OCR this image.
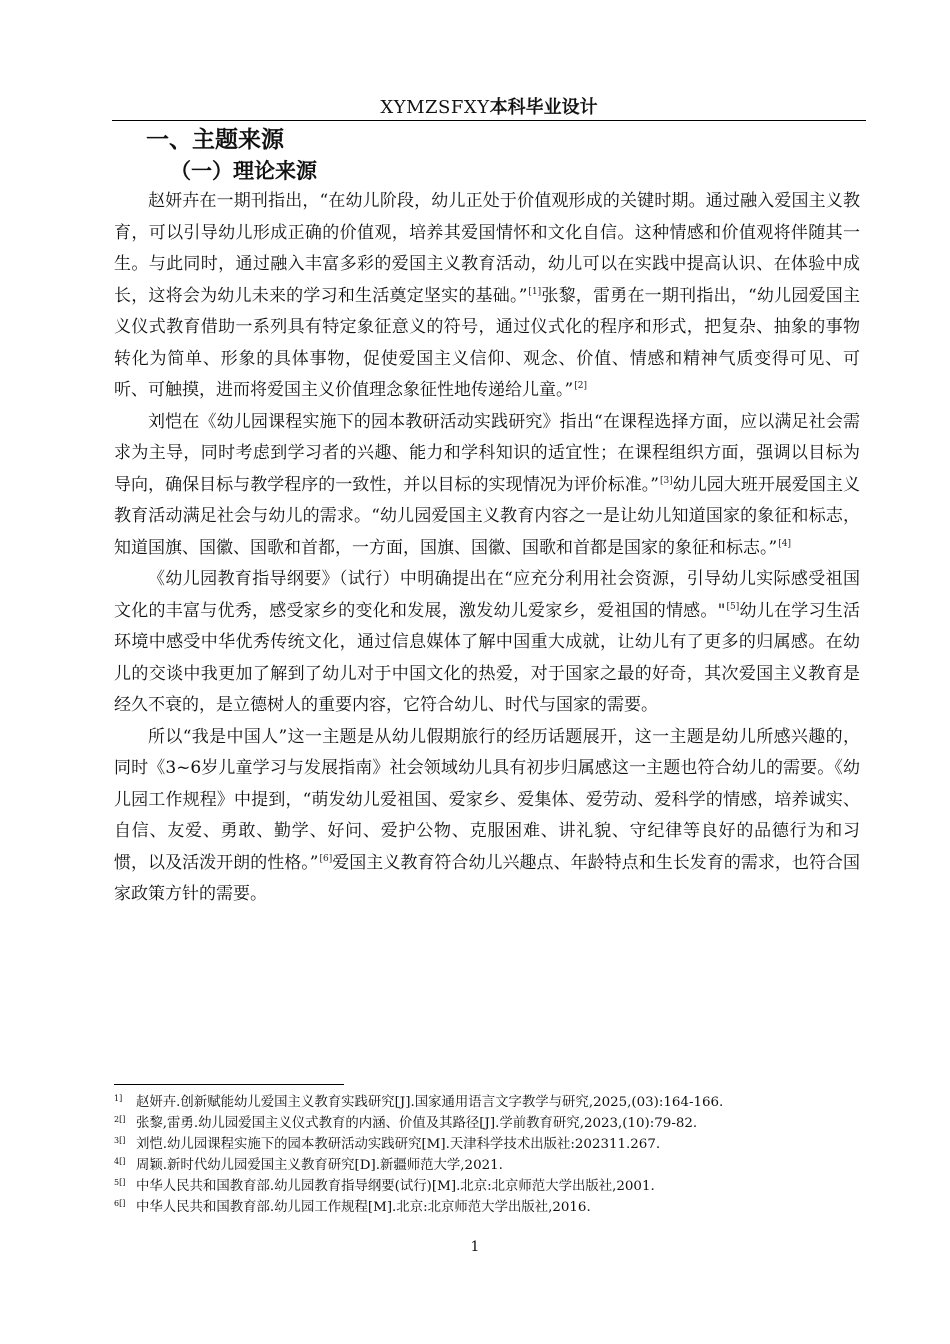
XYMZSFXY本科毕业设计
一、主题来源
（一）理论来源

赵妍卉在一期刊指出，“在幼儿阶段，幼儿正处于价值观形成的关键时期。通过融入爱国主义教育，可以引导幼儿形成正确的价值观，培养其爱国情怀和文化自信。这种情感和价值观将伴随其一生。与此同时，通过融入丰富多彩的爱国主义教育活动，幼儿可以在实践中提高认识、在体验中成长，这将会为幼儿未来的学习和生活奠定坚实的基础。”[1]张黎，雷勇在一期刊指出，“幼儿园爱国主义仪式教育借助一系列具有特定象征意义的符号，通过仪式化的程序和形式，把复杂、抽象的事物转化为简单、形象的具体事物，促使爱国主义信仰、观念、价值、情感和精神气质变得可见、可听、可触摸，进而将爱国主义价值理念象征性地传递给儿童。”[2]

刘恺在《幼儿园课程实施下的园本教研活动实践研究》指出“在课程选择方面，应以满足社会需求为主导，同时考虑到学习者的兴趣、能力和学科知识的适宜性；在课程组织方面，强调以目标为导向，确保目标与教学程序的一致性，并以目标的实现情况为评价标准。”[3]幼儿园大班开展爱国主义教育活动满足社会与幼儿的需求。“幼儿园爱国主义教育内容之一是让幼儿知道国家的象征和标志，知道国旗、国徽、国歌和首都，一方面，国旗、国徽、国歌和首都是国家的象征和标志。”[4]

《幼儿园教育指导纲要》（试行）中明确提出在“应充分利用社会资源，引导幼儿实际感受祖国文化的丰富与优秀，感受家乡的变化和发展，激发幼儿爱家乡，爱祖国的情感。"[5]幼儿在学习生活环境中感受中华优秀传统文化，通过信息媒体了解中国重大成就，让幼儿有了更多的归属感。在幼儿的交谈中我更加了解到了幼儿对于中国文化的热爱，对于国家之最的好奇，其次爱国主义教育是经久不衰的，是立德树人的重要内容，它符合幼儿、时代与国家的需要。

所以“我是中国人”这一主题是从幼儿假期旅行的经历话题展开，这一主题是幼儿所感兴趣的，同时《3~6岁儿童学习与发展指南》社会领域幼儿具有初步归属感这一主题也符合幼儿的需要。《幼儿园工作规程》中提到，“萌发幼儿爱祖国、爱家乡、爱集体、爱劳动、爱科学的情感，培养诚实、自信、友爱、勇敢、勤学、好问、爱护公物、克服困难、讲礼貌、守纪律等良好的品德行为和习惯，以及活泼开朗的性格。”[6]爱国主义教育符合幼儿兴趣点、年龄特点和生长发育的需求，也符合国家政策方针的需要。

1] 赵妍卉.创新赋能幼儿爱国主义教育实践研究[J].国家通用语言文字教学与研究,2025,(03):164-166.
2[] 张黎,雷勇.幼儿园爱国主义仪式教育的内涵、价值及其路径[J].学前教育研究,2023,(10):79-82.
3[] 刘恺.幼儿园课程实施下的园本教研活动实践研究[M].天津科学技术出版社:202311.267.
4[] 周颖.新时代幼儿园爱国主义教育研究[D].新疆师范大学,2021.
5[] 中华人民共和国教育部.幼儿园教育指导纲要(试行)[M].北京:北京师范大学出版社,2001.
6[] 中华人民共和国教育部.幼儿园工作规程[M].北京:北京师范大学出版社,2016.
1
